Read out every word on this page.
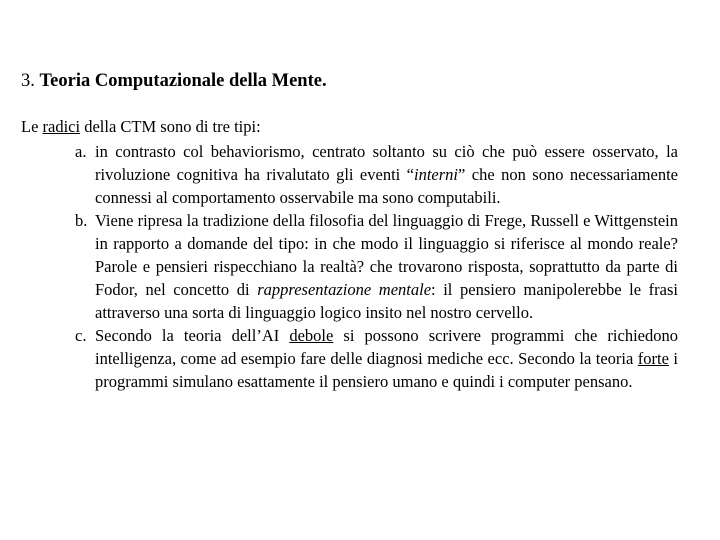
3. Teoria Computazionale della Mente.

Le radici della CTM sono di tre tipi:

a. in contrasto col behaviorismo, centrato soltanto su ciò che può essere osservato, la rivoluzione cognitiva ha rivalutato gli eventi “interni” che non sono necessariamente connessi al comportamento osservabile ma sono computabili.
b. Viene ripresa la tradizione della filosofia del linguaggio di Frege, Russell e Wittgenstein in rapporto a domande del tipo: in che modo il linguaggio si riferisce al mondo reale? Parole e pensieri rispecchiano la realtà? che trovarono risposta, soprattutto da parte di Fodor, nel concetto di rappresentazione mentale: il pensiero manipolerebbe le frasi attraverso una sorta di linguaggio logico insito nel nostro cervello.
c. Secondo la teoria dell’AI debole si possono scrivere programmi che richiedono intelligenza, come ad esempio fare delle diagnosi mediche ecc. Secondo la teoria forte i programmi simulano esattamente il pensiero umano e quindi i computer pensano.
